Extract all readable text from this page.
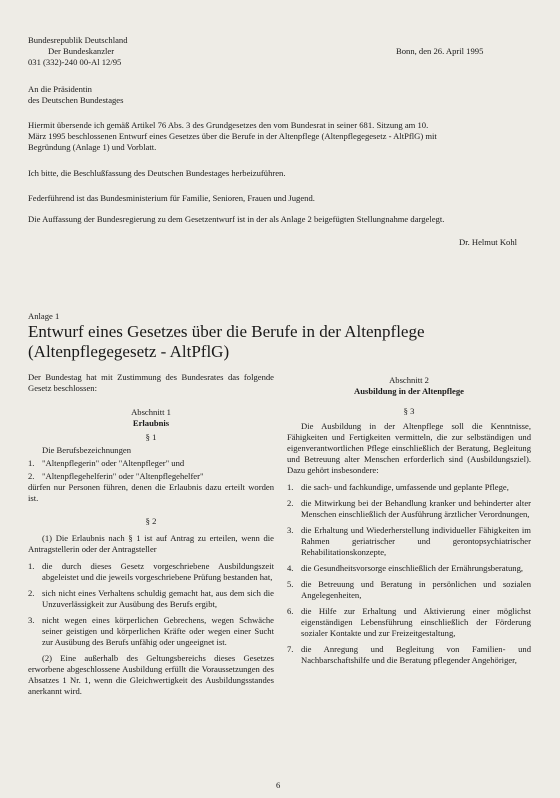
Bundesrepublik Deutschland
Der Bundeskanzler
031 (332)-240 00-Al 12/95
Bonn, den 26. April 1995
An die Präsidentin
des Deutschen Bundestages
Hiermit übersende ich gemäß Artikel 76 Abs. 3 des Grundgesetzes den vom Bundesrat in seiner 681. Sitzung am 10.
März 1995 beschlossenen Entwurf eines Gesetzes über die Berufe in der Altenpflege (Altenpflegegesetz - AltPflG) mit
Begründung (Anlage 1) und Vorblatt.
Ich bitte, die Beschlußfassung des Deutschen Bundestages herbeizuführen.
Federführend ist das Bundesministerium für Familie, Senioren, Frauen und Jugend.
Die Auffassung der Bundesregierung zu dem Gesetzentwurf ist in der als Anlage 2 beigefügten Stellungnahme dargelegt.
Dr. Helmut Kohl
Anlage 1
Entwurf eines Gesetzes über die Berufe in der Altenpflege
(Altenpflegegesetz - AltPflG)
Der Bundestag hat mit Zustimmung des Bundesrates das folgende Gesetz beschlossen:
Abschnitt 1
Erlaubnis
§ 1
Die Berufsbezeichnungen
1. "Altenpflegerin" oder "Altenpfleger" und
2. "Altenpflegehelferin" oder "Altenpflegehelfer"
dürfen nur Personen führen, denen die Erlaubnis dazu erteilt worden ist.
§ 2
(1) Die Erlaubnis nach § 1 ist auf Antrag zu erteilen, wenn die Antragstellerin oder der Antragsteller
1. die durch dieses Gesetz vorgeschriebene Ausbildungszeit abgeleistet und die jeweils vorgeschriebene Prüfung bestanden hat,
2. sich nicht eines Verhaltens schuldig gemacht hat, aus dem sich die Unzuverlässigkeit zur Ausübung des Berufs ergibt,
3. nicht wegen eines körperlichen Gebrechens, wegen Schwäche seiner geistigen und körperlichen Kräfte oder wegen einer Sucht zur Ausübung des Berufs unfähig oder ungeeignet ist.
(2) Eine außerhalb des Geltungsbereichs dieses Gesetzes erworbene abgeschlossene Ausbildung erfüllt die Voraussetzungen des Absatzes 1 Nr. 1, wenn die Gleichwertigkeit des Ausbildungsstandes anerkannt wird.
Abschnitt 2
Ausbildung in der Altenpflege
§ 3
Die Ausbildung in der Altenpflege soll die Kenntnisse, Fähigkeiten und Fertigkeiten vermitteln, die zur selbständigen und eigenverantwortlichen Pflege einschließlich der Beratung, Begleitung und Betreuung alter Menschen erforderlich sind (Ausbildungsziel). Dazu gehört insbesondere:
1. die sach- und fachkundige, umfassende und geplante Pflege,
2. die Mitwirkung bei der Behandlung kranker und behinderter alter Menschen einschließlich der Ausführung ärztlicher Verordnungen,
3. die Erhaltung und Wiederherstellung individueller Fähigkeiten im Rahmen geriatrischer und gerontopsychiatrischer Rehabilitationskonzepte,
4. die Gesundheitsvorsorge einschließlich der Ernährungsberatung,
5. die Betreuung und Beratung in persönlichen und sozialen Angelegenheiten,
6. die Hilfe zur Erhaltung und Aktivierung einer möglichst eigenständigen Lebensführung einschließlich der Förderung sozialer Kontakte und zur Freizeitgestaltung,
7. die Anregung und Begleitung von Familien- und Nachbarschaftshilfe und die Beratung pflegender Angehöriger,
6
